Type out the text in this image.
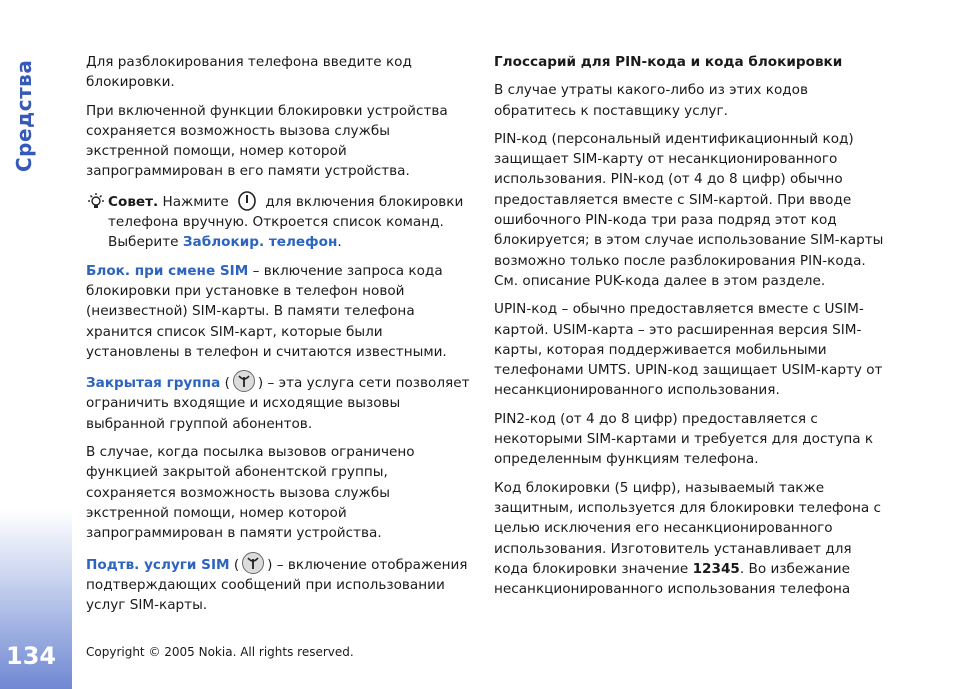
Средства
134

Для разблокирования телефона введите код блокировки.

При включенной функции блокировки устройства сохраняется возможность вызова службы экстренной помощи, номер которой запрограммирован в его памяти устройства.

Совет. Нажмите
для включения блокировки телефона вручную. Откроется список команд. Выберите Заблокир. телефон.

Блок. при смене SIM – включение запроса кода блокировки при установке в телефон новой (неизвестной) SIM-карты. В памяти телефона хранится список SIM-карт, которые были установлены в телефон и считаются известными.

Закрытая группа ( ) – эта услуга сети позволяет ограничить входящие и исходящие вызовы выбранной группой абонентов.

В случае, когда посылка вызовов ограничено функцией закрытой абонентской группы, сохраняется возможность вызова службы экстренной помощи, номер которой запрограммирован в памяти устройства.

Подтв. услуги SIM ( ) – включение отображения подтверждающих сообщений при использовании услуг SIM-карты.

Глоссарий для PIN-кода и кода блокировки

В случае утраты какого-либо из этих кодов обратитесь к поставщику услуг.

PIN-код (персональный идентификационный код) защищает SIM-карту от несанкционированного использования. PIN-код (от 4 до 8 цифр) обычно предоставляется вместе с SIM-картой. При вводе ошибочного PIN-кода три раза подряд этот код блокируется; в этом случае использование SIM-карты возможно только после разблокирования PIN-кода. См. описание PUK-кода далее в этом разделе.

UPIN-код – обычно предоставляется вместе с USIM-картой. USIM-карта – это расширенная версия SIM-карты, которая поддерживается мобильными телефонами UMTS. UPIN-код защищает USIM-карту от несанкционированного использования.

PIN2-код (от 4 до 8 цифр) предоставляется с некоторыми SIM-картами и требуется для доступа к определенным функциям телефона.

Код блокировки (5 цифр), называемый также защитным, используется для блокировки телефона с целью исключения его несанкционированного использования. Изготовитель устанавливает для кода блокировки значение 12345. Во избежание несанкционированного использования телефона

Copyright © 2005 Nokia. All rights reserved.
